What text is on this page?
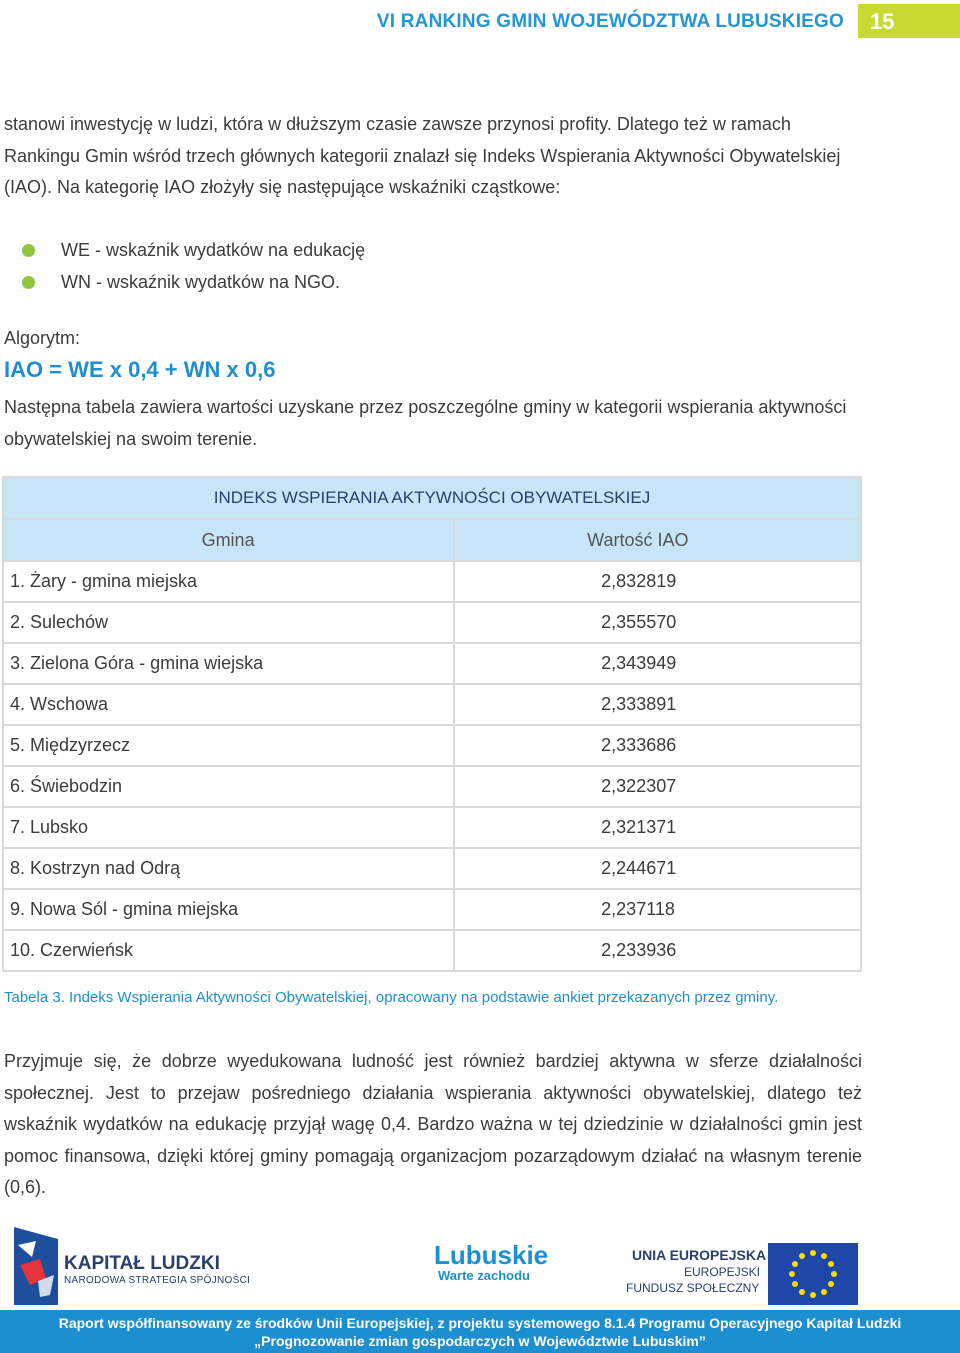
VI RANKING GMIN WOJEWÓDZTWA LUBUSKIEGO	15
stanowi inwestycję w ludzi, która w dłuższym czasie zawsze przynosi profity. Dlatego też w ramach Rankingu Gmin wśród trzech głównych kategorii znalazł się Indeks Wspierania Aktywności Obywatelskiej (IAO). Na kategorię IAO złożyły się następujące wskaźniki cząstkowe:
WE - wskaźnik wydatków na edukację
WN - wskaźnik wydatków na NGO.
Algorytm:
IAO = WE x 0,4 + WN x 0,6
Następna tabela zawiera wartości uzyskane przez poszczególne gminy w kategorii wspierania aktywności obywatelskiej na swoim terenie.
INDEKS WSPIERANIA AKTYWNOŚCI OBYWATELSKIEJ	
Gmina	Wartość IAO
1. Żary - gmina miejska	2,832819
2. Sulechów	2,355570
3. Zielona Góra - gmina wiejska	2,343949
4. Wschowa	2,333891
5. Międzyrzecz	2,333686
6. Świebodzin	2,322307
7. Lubsko	2,321371
8. Kostrzyn nad Odrą	2,244671
9. Nowa Sól - gmina miejska	2,237118
10. Czerwieńsk	2,233936
Tabela 3. Indeks Wspierania Aktywności Obywatelskiej, opracowany na podstawie ankiet przekazanych przez gminy.
Przyjmuje się, że dobrze wyedukowana ludność jest również bardziej aktywna w sferze działalności społecznej. Jest to przejaw pośredniego działania wspierania aktywności obywatelskiej, dlatego też wskaźnik wydatków na edukację przyjął wagę 0,4. Bardzo ważna w tej dziedzinie w działalności gmin jest pomoc finansowa, dzięki której gminy pomagają organizacjom pozarządowym działać na własnym terenie (0,6).
KAPITAŁ LUDZKI
NARODOWA STRATEGIA SPÓJNOŚCI
Lubuskie
Warte zachodu
UNIA EUROPEJSKA
EUROPEJSKI
FUNDUSZ SPOŁECZNY
Raport współfinansowany ze środków Unii Europejskiej, z projektu systemowego 8.1.4 Programu Operacyjnego Kapitał Ludzki
„Prognozowanie zmian gospodarczych w Województwie Lubuskim”
